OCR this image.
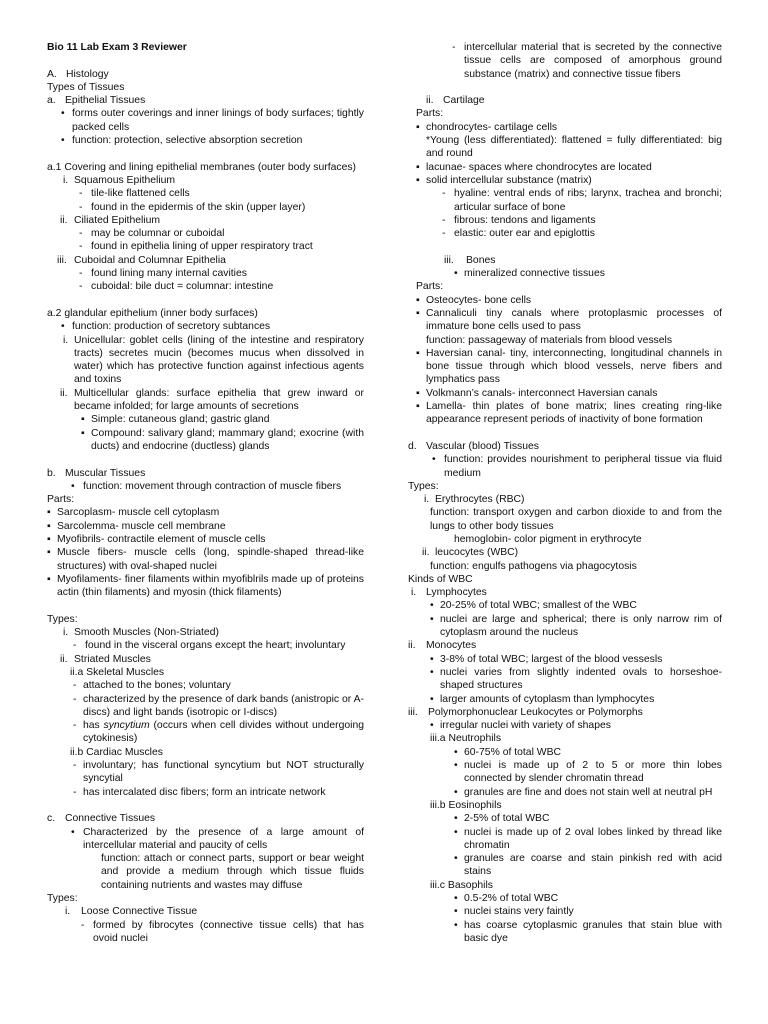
Bio 11 Lab Exam 3 Reviewer
A. Histology
Types of Tissues
a. Epithelial Tissues
• forms outer coverings and inner linings of body surfaces; tightly packed cells
• function: protection, selective absorption secretion
a.1 Covering and lining epithelial membranes (outer body surfaces)
i. Squamous Epithelium
- tile-like flattened cells
- found in the epidermis of the skin (upper layer)
ii. Ciliated Epithelium
- may be columnar or cuboidal
- found in epithelia lining of upper respiratory tract
iii. Cuboidal and Columnar Epithelia
- found lining many internal cavities
- cuboidal: bile duct = columnar: intestine
a.2 glandular epithelium (inner body surfaces)
• function: production of secretory subtances
i. Unicellular: goblet cells (lining of the intestine and respiratory tracts) secretes mucin (becomes mucus when dissolved in water) which has protective function against infectious agents and toxins
ii. Multicellular glands: surface epithelia that grew inward or became infolded; for large amounts of secretions
▪ Simple: cutaneous gland; gastric gland
▪ Compound: salivary gland; mammary gland; exocrine (with ducts) and endocrine (ductless) glands
b. Muscular Tissues
• function: movement through contraction of muscle fibers
Parts:
▪ Sarcoplasm- muscle cell cytoplasm
▪ Sarcolemma- muscle cell membrane
▪ Myofibrils- contractile element of muscle cells
▪ Muscle fibers- muscle cells (long, spindle-shaped thread-like structures) with oval-shaped nuclei
▪ Myofilaments- finer filaments within myofiblrils made up of proteins actin (thin filaments) and myosin (thick filaments)
Types:
i. Smooth Muscles (Non-Striated)
- found in the visceral organs except the heart; involuntary
ii. Striated Muscles
ii.a Skeletal Muscles
- attached to the bones; voluntary
- characterized by the presence of dark bands (anistropic or A-discs) and light bands (isotropic or I-discs)
- has syncytium (occurs when cell divides without undergoing cytokinesis)
ii.b Cardiac Muscles
- involuntary; has functional syncytium but NOT structurally syncytial
- has intercalated disc fibers; form an intricate network
c. Connective Tissues
• Characterized by the presence of a large amount of intercellular material and paucity of cells
function: attach or connect parts, support or bear weight and provide a medium through which tissue fluids containing nutrients and wastes may diffuse
Types:
i.	Loose Connective Tissue
- formed by fibrocytes (connective tissue cells) that has ovoid nuclei
- intercellular material that is secreted by the connective tissue cells are composed of amorphous ground substance (matrix) and connective tissue fibers
ii. Cartilage
Parts:
▪ chondrocytes- cartilage cells
*Young (less differentiated): flattened = fully differentiated: big and round
▪ lacunae- spaces where chondrocytes are located
▪ solid intercellular substance (matrix)
- hyaline: ventral ends of ribs; larynx, trachea and bronchi; articular surface of bone
- fibrous: tendons and ligaments
- elastic: outer ear and epiglottis
iii.	Bones
• mineralized connective tissues
Parts:
▪ Osteocytes- bone cells
▪ Cannaliculi tiny canals where protoplasmic processes of immature bone cells used to pass
function: passageway of materials from blood vessels
▪ Haversian canal- tiny, interconnecting, longitudinal channels in bone tissue through which blood vessels, nerve fibers and lymphatics pass
▪ Volkmann’s canals- interconnect Haversian canals
▪ Lamella- thin plates of bone matrix; lines creating ring-like appearance represent periods of inactivity of bone formation
d. Vascular (blood) Tissues
• function: provides nourishment to peripheral tissue via fluid medium
Types:
i. Erythrocytes (RBC)
function: transport oxygen and carbon dioxide to and from the lungs to other body tissues
hemoglobin- color pigment in erythrocyte
ii. leucocytes (WBC)
function: engulfs pathogens via phagocytosis
Kinds of WBC
i. Lymphocytes
• 20-25% of total WBC; smallest of the WBC
• nuclei are large and spherical; there is only narrow rim of cytoplasm around the nucleus
ii.	Monocytes
• 3-8% of total WBC; largest of the blood vessesls
• nuclei varies from slightly indented ovals to horseshoe-shaped structures
• larger amounts of cytoplasm than lymphocytes
iii. Polymorphonuclear Leukocytes or Polymorphs
• irregular nuclei with variety of shapes
iii.a Neutrophils
• 60-75% of total WBC
• nuclei is made up of 2 to 5 or more thin lobes connected by slender chromatin thread
• granules are fine and does not stain well at neutral pH
iii.b Eosinophils
• 2-5% of total WBC
• nuclei is made up of 2 oval lobes linked by thread like chromatin
• granules are coarse and stain pinkish red with acid stains
iii.c Basophils
• 0.5-2% of total WBC
• nuclei stains very faintly
• has coarse cytoplasmic granules that stain blue with basic dye
